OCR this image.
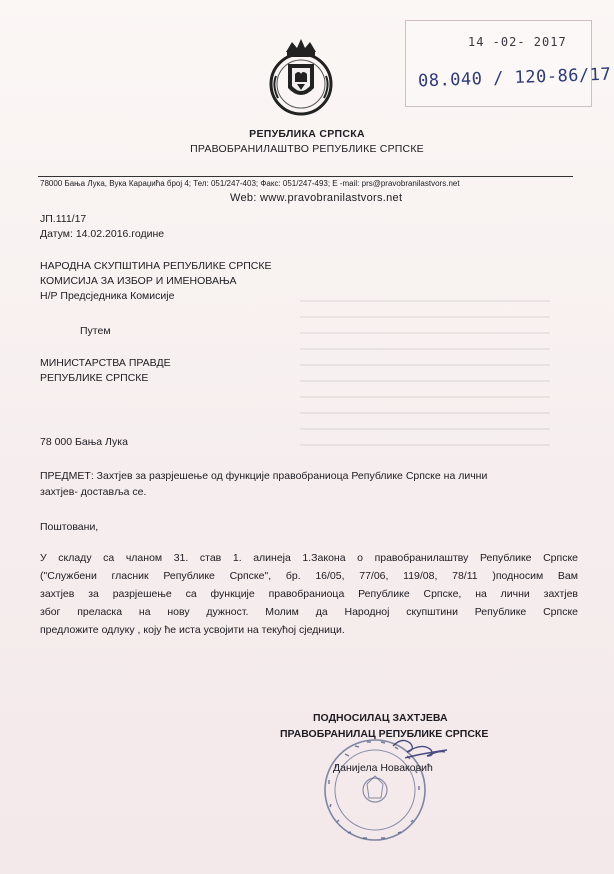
14 -02- 2017
08.040 / 120-86/17
РЕПУБЛИКА СРПСКА
ПРАВОБРАНИЛАШТВО РЕПУБЛИКЕ СРПСКЕ
78000 Бања Лука, Вука Караџића број 4; Тел: 051/247-403; Факс: 051/247-493; Е -mail: prs@pravobranilastvors.net
Web: www.pravobranilastvors.net
ЈП.111/17
Датум: 14.02.2016.године
НАРОДНА СКУПШТИНА РЕПУБЛИКЕ СРПСКЕ
КОМИСИЈА ЗА ИЗБОР И ИМЕНОВАЊА
Н/Р Предсједника Комисије
Путем
МИНИСТАРСТВА ПРАВДЕ
РЕПУБЛИКЕ СРПСКЕ
78 000 Бања Лука
ПРЕДМЕТ: Захтјев за разрјешење од функције правобраниоца Републике Српске на лични
захтјев- доставља се.
Поштовани,
У складу са чланом 31. став 1. алинеја 1.Закона о правобранилаштву Републике Српске
("Службени гласник Републике Српске", бр. 16/05, 77/06, 119/08, 78/11 )подносим Вам
захтјев за разрјешење са функције правобраниоца Републике Српске, на лични захтјев
због преласка на нову дужност. Молим да Народној скупштини Републике Српске
предложите одлуку , коју ће иста усвојити на текућој сједници.
ПОДНОСИЛАЦ ЗАХТЈЕВА
ПРАВОБРАНИЛАЦ РЕПУБЛИКЕ СРПСКЕ
Данијела Новаковић
